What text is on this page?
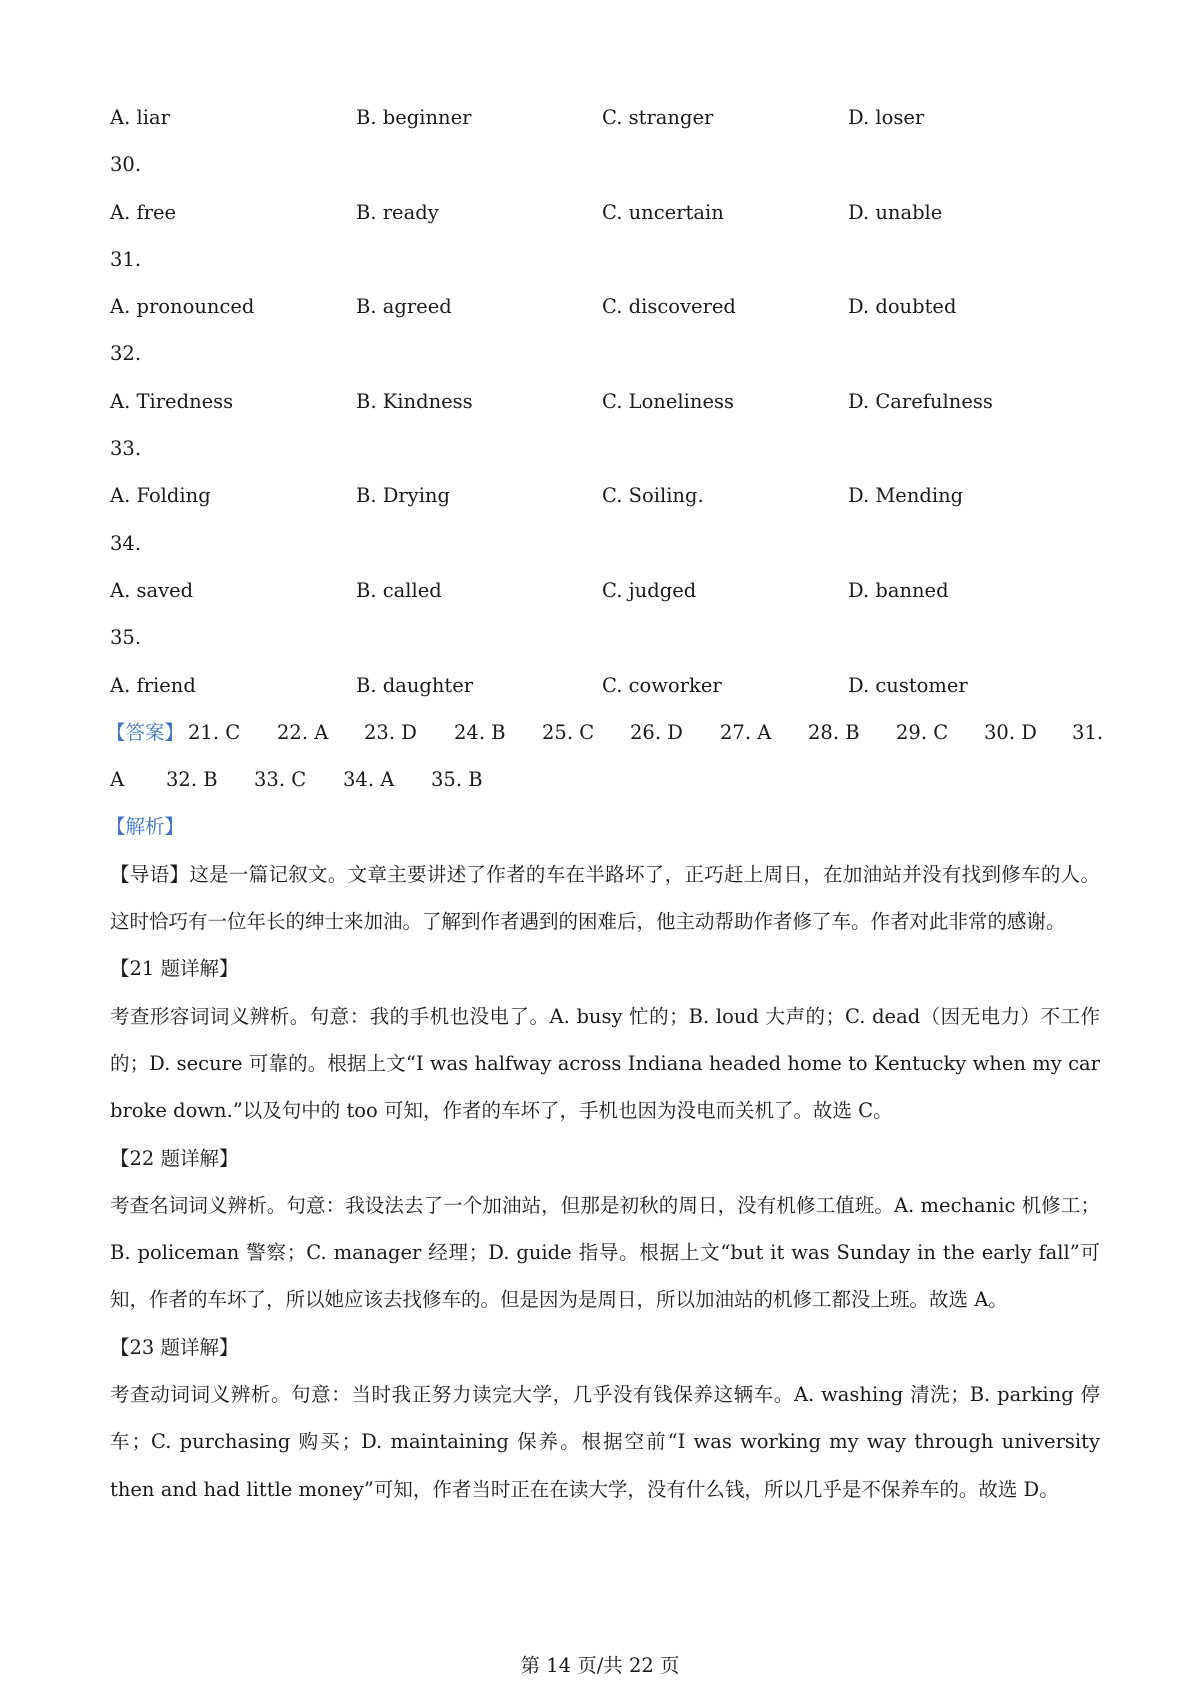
A. liar	B. beginner	C. stranger	D. loser
30.
A. free	B. ready	C. uncertain	D. unable
31.
A. pronounced	B. agreed	C. discovered	D. doubted
32.
A. Tiredness	B. Kindness	C. Loneliness	D. Carefulness
33.
A. Folding	B. Drying	C. Soiling.	D. Mending
34.
A. saved	B. called	C. judged	D. banned
35.
A. friend	B. daughter	C. coworker	D. customer
【答案】 21. C 22. A 23. D 24. B 25. C 26. D 27. A 28. B 29. C 30. D 31.
A 32. B 33. C 34. A 35. B
【解析】

【导语】这是一篇记叙文。文章主要讲述了作者的车在半路坏了，正巧赶上周日，在加油站并没有找到修车的人。这时恰巧有一位年长的绅士来加油。了解到作者遇到的困难后，他主动帮助作者修了车。作者对此非常的感谢。

【21 题详解】

考查形容词词义辨析。句意：我的手机也没电了。A. busy 忙的；B. loud 大声的；C. dead（因无电力）不工作的；D. secure 可靠的。根据上文“I was halfway across Indiana headed home to Kentucky when my car broke down.”以及句中的 too 可知，作者的车坏了，手机也因为没电而关机了。故选 C。

【22 题详解】

考查名词词义辨析。句意：我设法去了一个加油站，但那是初秋的周日，没有机修工值班。A. mechanic 机修工；B. policeman 警察；C. manager 经理；D. guide 指导。根据上文“but it was Sunday in the early fall”可知，作者的车坏了，所以她应该去找修车的。但是因为是周日，所以加油站的机修工都没上班。故选 A。

【23 题详解】

考查动词词义辨析。句意：当时我正努力读完大学，几乎没有钱保养这辆车。A. washing 清洗；B. parking 停车；C. purchasing 购买；D. maintaining 保养。根据空前“I was working my way through university then and had little money”可知，作者当时正在在读大学，没有什么钱，所以几乎是不保养车的。故选 D。

第 14 页/共 22 页
